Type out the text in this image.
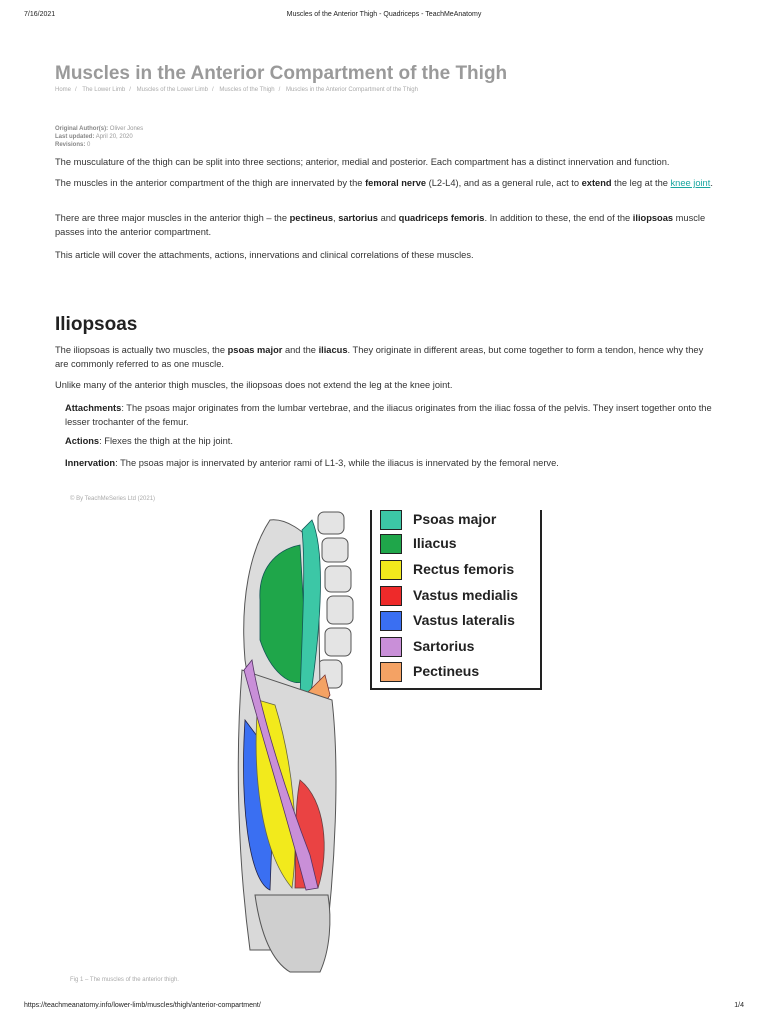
7/16/2021	Muscles of the Anterior Thigh - Quadriceps - TeachMeAnatomy
Muscles in the Anterior Compartment of the Thigh
Home / The Lower Limb / Muscles of the Lower Limb / Muscles of the Thigh / Muscles in the Anterior Compartment of the Thigh
Original Author(s): Oliver Jones
Last updated: April 20, 2020
Revisions: 0

The musculature of the thigh can be split into three sections; anterior, medial and posterior. Each compartment has a distinct innervation and function.

The muscles in the anterior compartment of the thigh are innervated by the femoral nerve (L2-L4), and as a general rule, act to extend the leg at the knee joint.

There are three major muscles in the anterior thigh – the pectineus, sartorius and quadriceps femoris. In addition to these, the end of the iliopsoas muscle passes into the anterior compartment.

This article will cover the attachments, actions, innervations and clinical correlations of these muscles.

Iliopsoas

The iliopsoas is actually two muscles, the psoas major and the iliacus. They originate in different areas, but come together to form a tendon, hence why they are commonly referred to as one muscle.

Unlike many of the anterior thigh muscles, the iliopsoas does not extend the leg at the knee joint.

Attachments: The psoas major originates from the lumbar vertebrae, and the iliacus originates from the iliac fossa of the pelvis. They insert together onto the lesser trochanter of the femur.

Actions: Flexes the thigh at the hip joint.

Innervation: The psoas major is innervated by anterior rami of L1-3, while the iliacus is innervated by the femoral nerve.

© By TeachMeSeries Ltd (2021)
Psoas major
Iliacus
Rectus femoris
Vastus medialis
Vastus lateralis
Sartorius
Pectineus
Fig 1 – The muscles of the anterior thigh.
https://teachmeanatomy.info/lower-limb/muscles/thigh/anterior-compartment/	1/4
